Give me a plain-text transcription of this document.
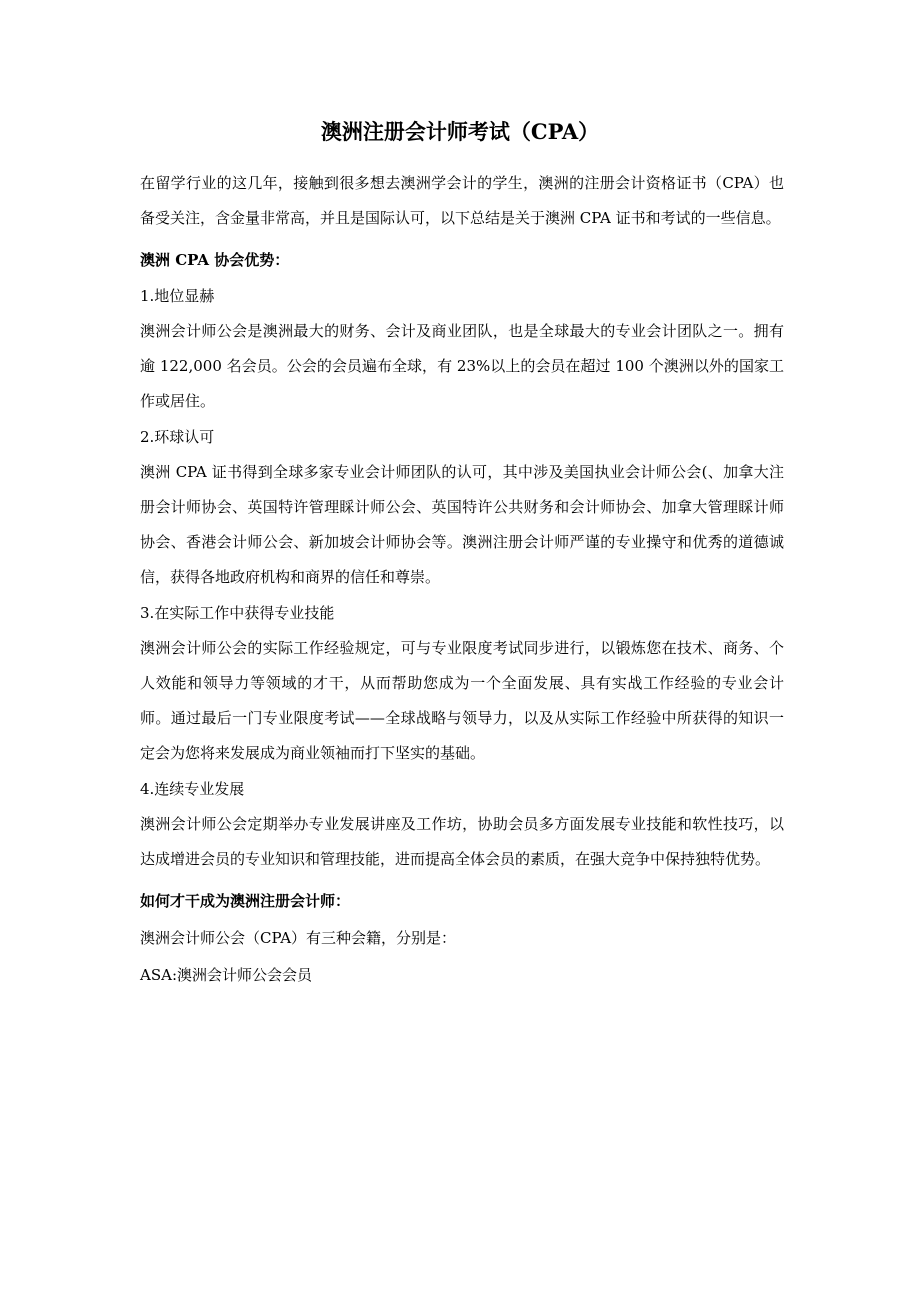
澳洲注册会计师考试（CPA）

在留学行业的这几年，接触到很多想去澳洲学会计的学生，澳洲的注册会计资格证书（CPA）也备受关注，含金量非常高，并且是国际认可，以下总结是关于澳洲 CPA 证书和考试的一些信息。

澳洲 CPA 协会优势：

1.地位显赫

澳洲会计师公会是澳洲最大的财务、会计及商业团队，也是全球最大的专业会计团队之一。拥有逾 122,000 名会员。公会的会员遍布全球，有 23%以上的会员在超过 100 个澳洲以外的国家工作或居住。

2.环球认可

澳洲 CPA 证书得到全球多家专业会计师团队的认可，其中涉及美国执业会计师公会(、加拿大注册会计师协会、英国特许管理睬计师公会、英国特许公共财务和会计师协会、加拿大管理睬计师协会、香港会计师公会、新加坡会计师协会等。澳洲注册会计师严谨的专业操守和优秀的道德诚信，获得各地政府机构和商界的信任和尊崇。

3.在实际工作中获得专业技能

澳洲会计师公会的实际工作经验规定，可与专业限度考试同步进行，以锻炼您在技术、商务、个人效能和领导力等领域的才干，从而帮助您成为一个全面发展、具有实战工作经验的专业会计师。通过最后一门专业限度考试——全球战略与领导力，以及从实际工作经验中所获得的知识一定会为您将来发展成为商业领袖而打下坚实的基础。

4.连续专业发展

澳洲会计师公会定期举办专业发展讲座及工作坊，协助会员多方面发展专业技能和软性技巧，以达成增进会员的专业知识和管理技能，进而提高全体会员的素质，在强大竞争中保持独特优势。

如何才干成为澳洲注册会计师：

澳洲会计师公会（CPA）有三种会籍，分别是：

ASA:澳洲会计师公会会员
